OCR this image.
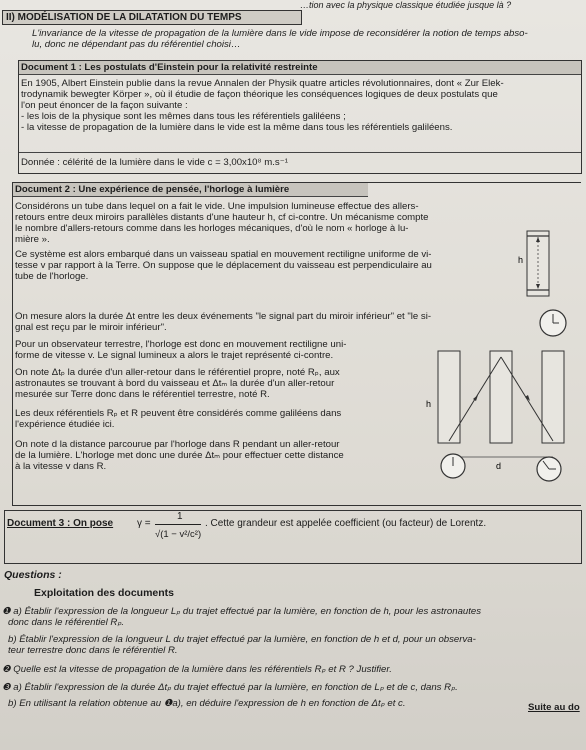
…tion avec la physique classique étudiée jusque là ?
II) MODÉLISATION DE LA DILATATION DU TEMPS
L'invariance de la vitesse de propagation de la lumière dans le vide impose de reconsidérer la notion de temps abso-
lu, donc ne dépendant pas du référentiel choisi…
Document 1 : Les postulats d'Einstein pour la relativité restreinte
En 1905, Albert Einstein publie dans la revue Annalen der Physik quatre articles révolutionnaires, dont « Zur Elek-
trodynamik bewegter Körper », où il étudie de façon théorique les conséquences logiques de deux postulats que
l'on peut énoncer de la façon suivante :
- les lois de la physique sont les mêmes dans tous les référentiels galiléens ;
- la vitesse de propagation de la lumière dans le vide est la même dans tous les référentiels galiléens.
Donnée : célérité de la lumière dans le vide c = 3,00x10⁸ m.s⁻¹
Document 2 : Une expérience de pensée, l'horloge à lumière
Considérons un tube dans lequel on a fait le vide. Une impulsion lumineuse effectue des allers-
retours entre deux miroirs parallèles distants d'une hauteur h, cf ci-contre. Un mécanisme compte
le nombre d'allers-retours comme dans les horloges mécaniques, d'où le nom « horloge à lu-
mière ».
Ce système est alors embarqué dans un vaisseau spatial en mouvement rectiligne uniforme de vi-
tesse v par rapport à la Terre. On suppose que le déplacement du vaisseau est perpendiculaire au
tube de l'horloge.
On mesure alors la durée Δt entre les deux événements "le signal part du miroir inférieur" et "le si-
gnal est reçu par le miroir inférieur".
Pour un observateur terrestre, l'horloge est donc en mouvement rectiligne uni-
forme de vitesse v. Le signal lumineux a alors le trajet représenté ci-contre.
On note Δtₚ la durée d'un aller-retour dans le référentiel propre, noté Rₚ, aux
astronautes se trouvant à bord du vaisseau et Δtₘ la durée d'un aller-retour
mesurée sur Terre donc dans le référentiel terrestre, noté R.
Les deux référentiels Rₚ et R peuvent être considérés comme galiléens dans
l'expérience étudiée ici.
On note d la distance parcourue par l'horloge dans R pendant un aller-retour
de la lumière. L'horloge met donc une durée Δtₘ pour effectuer cette distance
à la vitesse v dans R.
h
h
d
Document 3 : On pose γ =
1
√(1 − v²/c²)
. Cette grandeur est appelée coefficient (ou facteur) de Lorentz.
Questions :
Exploitation des documents
❶ a) Établir l'expression de la longueur Lₚ du trajet effectué par la lumière, en fonction de h, pour les astronautes
donc dans le référentiel Rₚ.
b) Établir l'expression de la longueur L du trajet effectué par la lumière, en fonction de h et d, pour un observa-
teur terrestre donc dans le référentiel R.
❷ Quelle est la vitesse de propagation de la lumière dans les référentiels Rₚ et R ? Justifier.
❸ a) Établir l'expression de la durée Δtₚ du trajet effectué par la lumière, en fonction de Lₚ et de c, dans Rₚ.
b) En utilisant la relation obtenue au ❶a), en déduire l'expression de h en fonction de Δtₚ et c.	Suite au do
